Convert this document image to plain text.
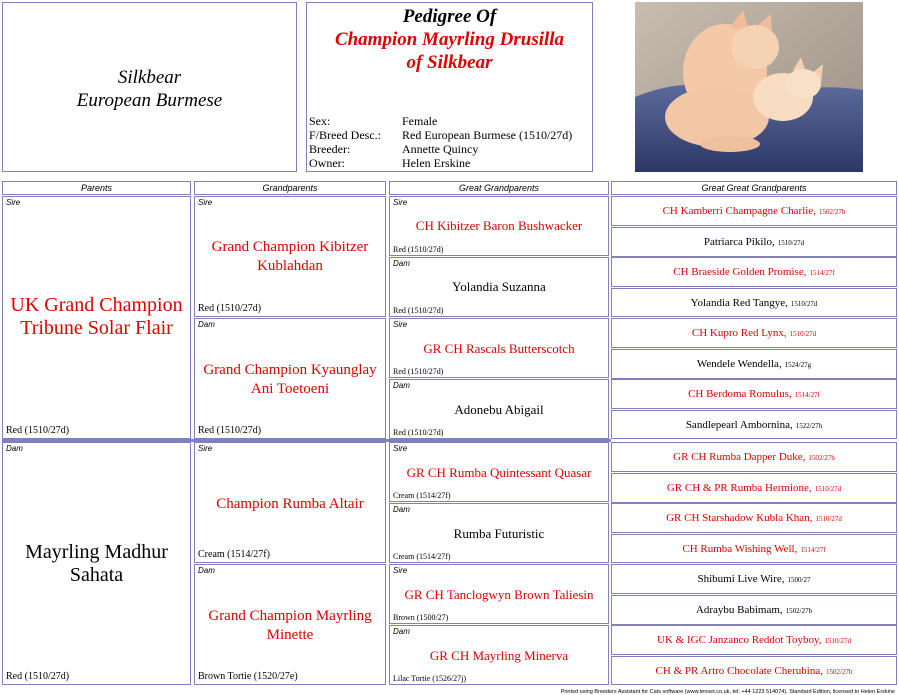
Silkbear
European Burmese
Pedigree Of
Champion Mayrling Drusilla
of Silkbear
Sex:	Female
F/Breed Desc.: Red European Burmese (1510/27d)
Breeder:	Annette Quincy
Owner:	Helen Erskine
Parents	Grandparents	Great Grandparents	Great Great Grandparents
Sire
UK Grand Champion Tribune Solar Flair
Red (1510/27d)
Dam
Mayrling Madhur Sahata
Red (1510/27d)
Sire
Grand Champion Kibitzer Kublahdan
Red (1510/27d)
Dam
Grand Champion Kyaunglay Ani Toetoeni
Red (1510/27d)
Sire
Champion Rumba Altair
Cream (1514/27f)
Dam
Grand Champion Mayrling Minette
Brown Tortie (1520/27e)
Sire
CH Kibitzer Baron Bushwacker
Red (1510/27d)
Dam
Yolandia Suzanna
Red (1510/27d)
Sire
GR CH Rascals Butterscotch
Red (1510/27d)
Dam
Adonebu Abigail
Red (1510/27d)
Sire
GR CH Rumba Quintessant Quasar
Cream (1514/27f)
Dam
Rumba Futuristic
Cream (1514/27f)
Sire
GR CH Tanclogwyn Brown Taliesin
Brown (1500/27)
Dam
GR CH Mayrling Minerva
Lilac Tortie (1526/27j)
CH Kamberri Champagne Charlie, 1502/27b
Patriarca Pikilo, 1510/27d
CH Braeside Golden Promise, 1514/27f
Yolandia Red Tangye, 1510/27d
CH Kupro Red Lynx, 1510/27d
Wendele Wendella, 1524/27g
CH Berdoma Romulus, 1514/27f
Sandlepearl Ambornina, 1522/27h
GR CH Rumba Dapper Duke, 1502/27b
GR CH & PR Rumba Hermione, 1510/27d
GR CH Starshadow Kubla Khan, 1510/27d
CH Rumba Wishing Well, 1514/27f
Shibumi Live Wire, 1500/27
Adraybu Babimam, 1502/27b
UK & IGC Janzanco Reddot Toyboy, 1510/27d
CH & PR Artro Chocolate Cherubina, 1502/27b
Printed using Breeders Assistant for Cats software (www.tenset.co.uk, tel: +44 1223 514074). Standard Edition, licensed to Helen Erskine
